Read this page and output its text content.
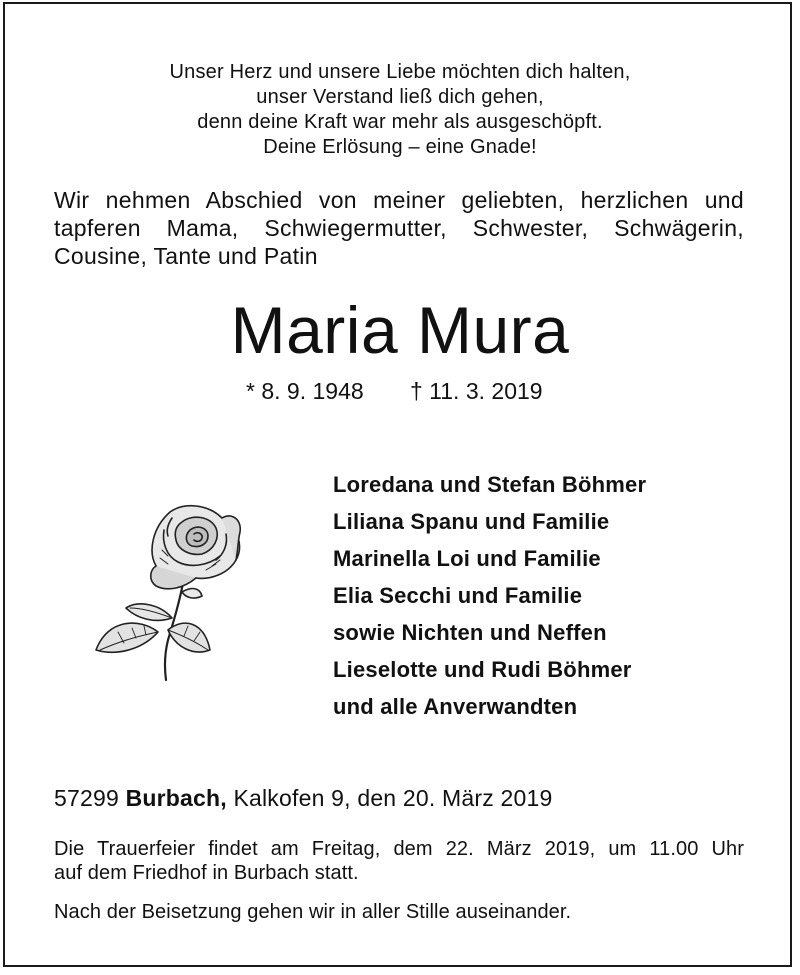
Unser Herz und unsere Liebe möchten dich halten,
unser Verstand ließ dich gehen,
denn deine Kraft war mehr als ausgeschöpft.
Deine Erlösung – eine Gnade!
Wir nehmen Abschied von meiner geliebten, herzlichen und
tapferen Mama, Schwiegermutter, Schwester, Schwägerin,
Cousine, Tante und Patin
Maria Mura
* 8. 9. 1948 † 11. 3. 2019
Loredana und Stefan Böhmer
Liliana Spanu und Familie
Marinella Loi und Familie
Elia Secchi und Familie
sowie Nichten und Neffen
Lieselotte und Rudi Böhmer
und alle Anverwandten
57299 Burbach, Kalkofen 9, den 20. März 2019
Die Trauerfeier findet am Freitag, dem 22. März 2019, um 11.00 Uhr
auf dem Friedhof in Burbach statt.
Nach der Beisetzung gehen wir in aller Stille auseinander.
